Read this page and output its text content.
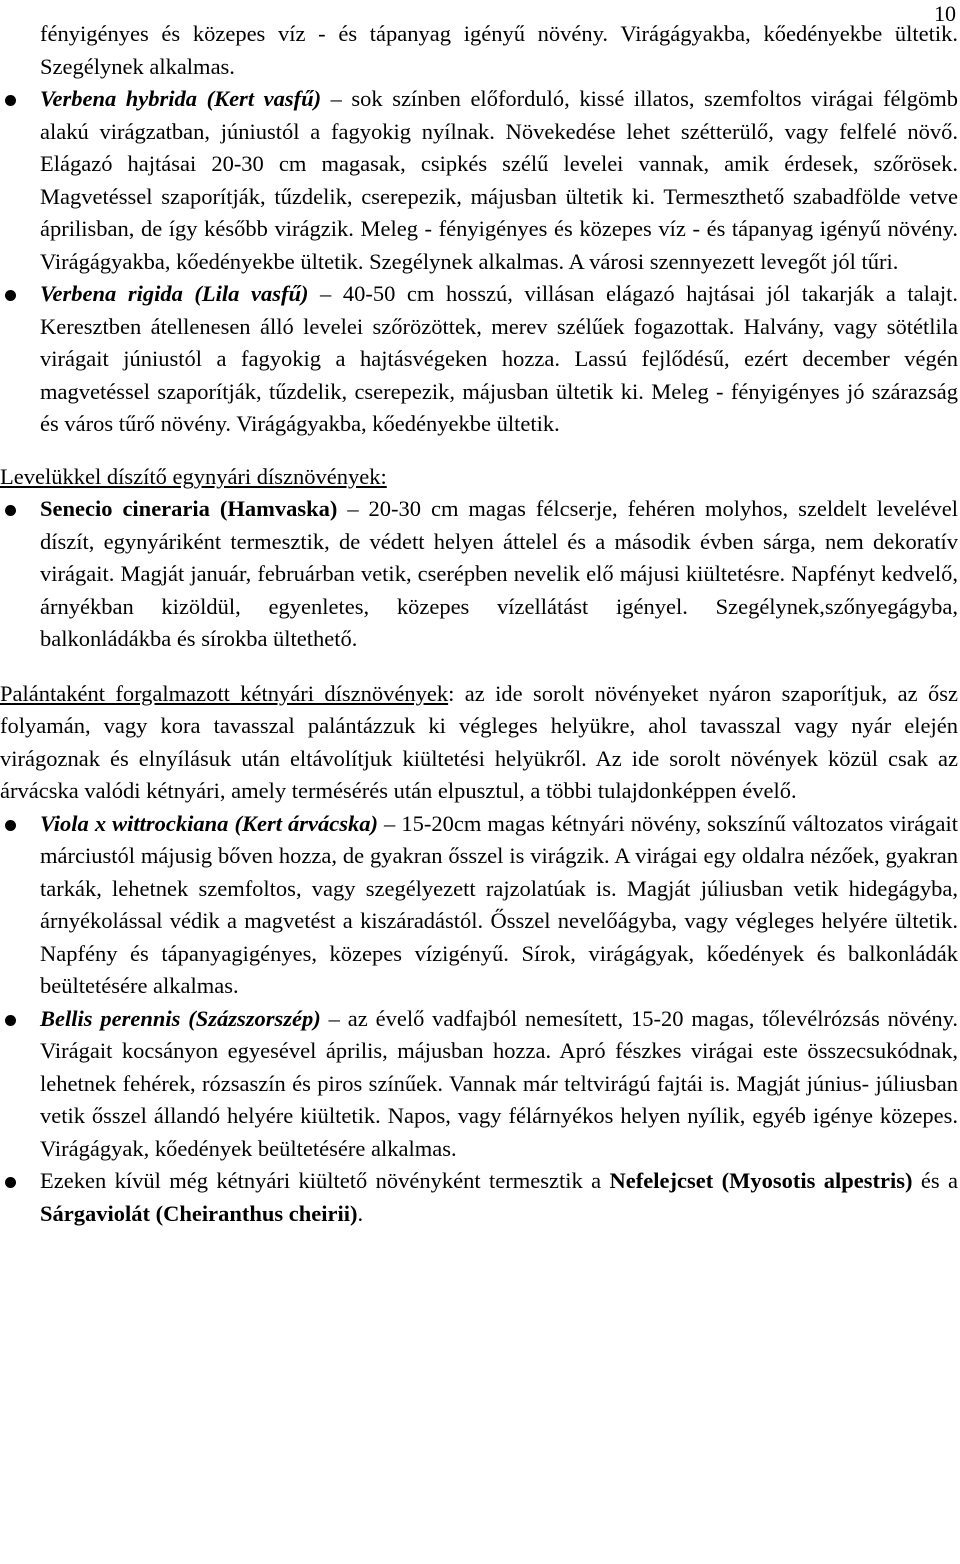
10

fényigényes és közepes víz - és tápanyag igényű növény. Virágágyakba, kőedényekbe ültetik. Szegélynek alkalmas.

Verbena hybrida (Kert vasfű) – sok színben előforduló, kissé illatos, szemfoltos virágai félgömb alakú virágzatban, júniustól a fagyokig nyílnak. Növekedése lehet szétterülő, vagy felfelé növő. Elágazó hajtásai 20-30 cm magasak, csipkés szélű levelei vannak, amik érdesek, szőrösek. Magvetéssel szaporítják, tűzdelik, cserepezik, májusban ültetik ki. Termeszthető szabadfölde vetve áprilisban, de így később virágzik. Meleg - fényigényes és közepes víz - és tápanyag igényű növény. Virágágyakba, kőedényekbe ültetik. Szegélynek alkalmas. A városi szennyezett levegőt jól tűri.
Verbena rigida (Lila vasfű) – 40-50 cm hosszú, villásan elágazó hajtásai jól takarják a talajt. Keresztben átellenesen álló levelei szőrözöttek, merev szélűek fogazottak. Halvány, vagy sötétlila virágait júniustól a fagyokig a hajtásvégeken hozza. Lassú fejlődésű, ezért december végén magvetéssel szaporítják, tűzdelik, cserepezik, májusban ültetik ki. Meleg - fényigényes jó szárazság és város tűrő növény. Virágágyakba, kőedényekbe ültetik.

Levelükkel díszítő egynyári dísznövények:

Senecio cineraria (Hamvaska) – 20-30 cm magas félcserje, fehéren molyhos, szeldelt levelével díszít, egynyáriként termesztik, de védett helyen áttelel és a második évben sárga, nem dekoratív virágait. Magját január, februárban vetik, cserépben nevelik elő májusi kiültetésre. Napfényt kedvelő, árnyékban kizöldül, egyenletes, közepes vízellátást igényel. Szegélynek,szőnyegágyba, balkonládákba és sírokba ültethető.

Palántaként forgalmazott kétnyári dísznövények: az ide sorolt növényeket nyáron szaporítjuk, az ősz folyamán, vagy kora tavasszal palántázzuk ki végleges helyükre, ahol tavasszal vagy nyár elején virágoznak és elnyílásuk után eltávolítjuk kiültetési helyükről. Az ide sorolt növények közül csak az árvácska valódi kétnyári, amely termésérés után elpusztul, a többi tulajdonképpen évelő.

Viola x wittrockiana (Kert árvácska) – 15-20cm magas kétnyári növény, sokszínű változatos virágait márciustól májusig bőven hozza, de gyakran ősszel is virágzik. A virágai egy oldalra nézőek, gyakran tarkák, lehetnek szemfoltos, vagy szegélyezett rajzolatúak is. Magját júliusban vetik hidegágyba, árnyékolással védik a magvetést a kiszáradástól. Ősszel nevelőágyba, vagy végleges helyére ültetik. Napfény és tápanyagigényes, közepes vízigényű. Sírok, virágágyak, kőedények és balkonládák beültetésére alkalmas.
Bellis perennis (Százszorszép) – az évelő vadfajból nemesített, 15-20 magas, tőlevélrózsás növény. Virágait kocsányon egyesével április, májusban hozza. Apró fészkes virágai este összecsukódnak, lehetnek fehérek, rózsaszín és piros színűek. Vannak már teltvirágú fajtái is. Magját június- júliusban vetik ősszel állandó helyére kiültetik. Napos, vagy félárnyékos helyen nyílik, egyéb igénye közepes. Virágágyak, kőedények beültetésére alkalmas.
Ezeken kívül még kétnyári kiültető növényként termesztik a Nefelejcset (Myosotis alpestris) és a Sárgaviolát (Cheiranthus cheirii).
